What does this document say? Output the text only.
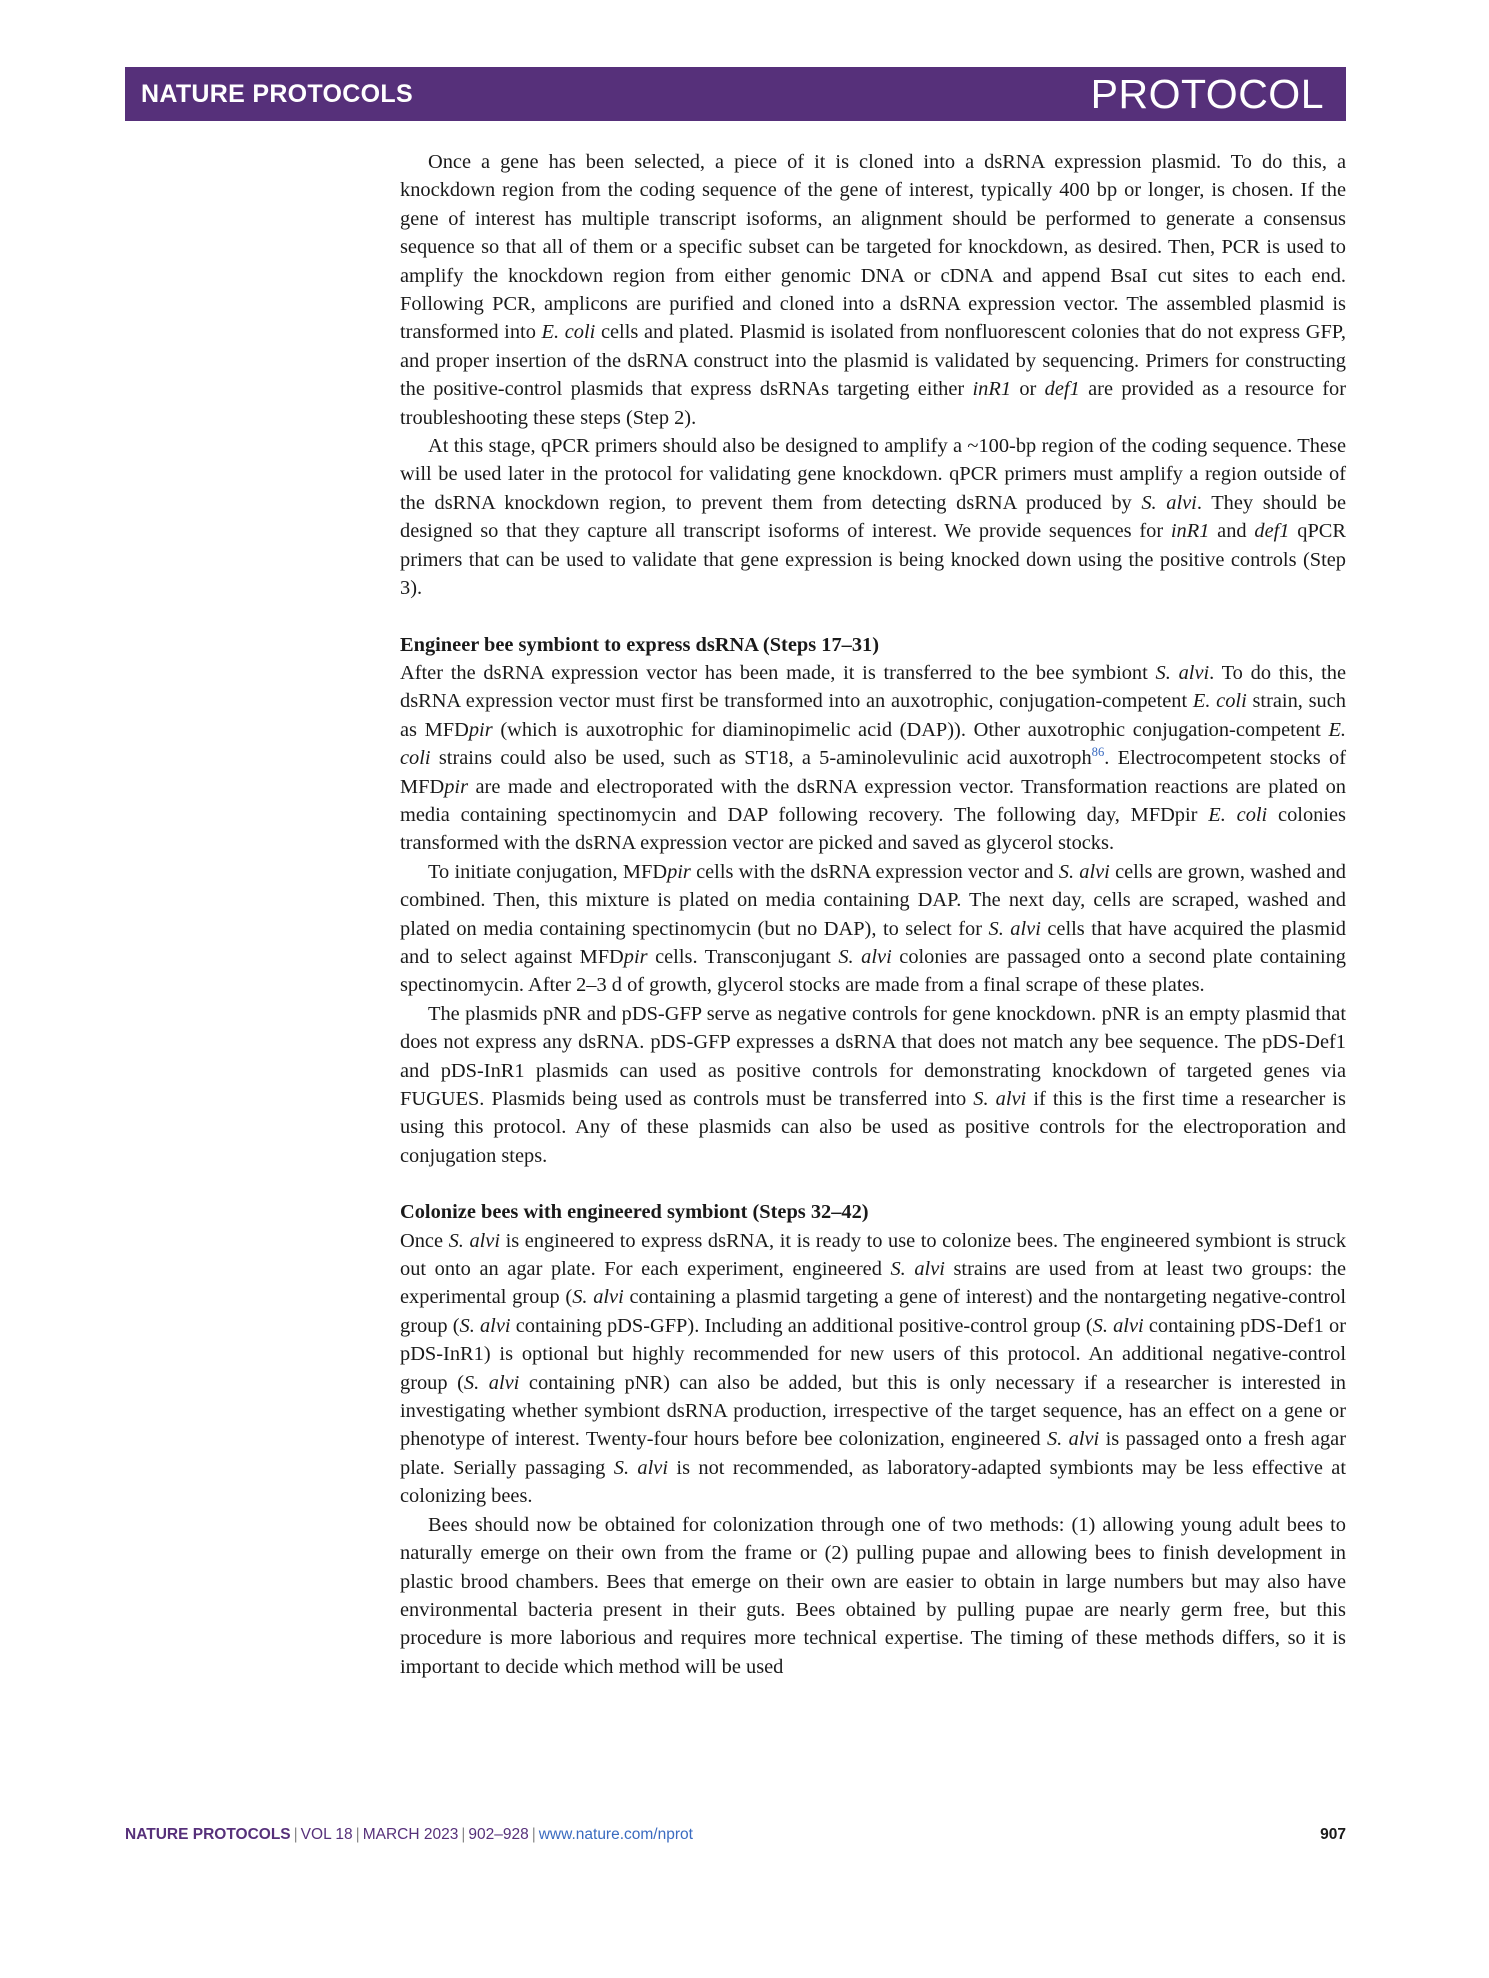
NATURE PROTOCOLS	PROTOCOL

Once a gene has been selected, a piece of it is cloned into a dsRNA expression plasmid. To do this, a knockdown region from the coding sequence of the gene of interest, typically 400 bp or longer, is chosen. If the gene of interest has multiple transcript isoforms, an alignment should be performed to generate a consensus sequence so that all of them or a specific subset can be targeted for knockdown, as desired. Then, PCR is used to amplify the knockdown region from either genomic DNA or cDNA and append BsaI cut sites to each end. Following PCR, amplicons are purified and cloned into a dsRNA expression vector. The assembled plasmid is transformed into E. coli cells and plated. Plasmid is isolated from nonfluorescent colonies that do not express GFP, and proper insertion of the dsRNA construct into the plasmid is validated by sequencing. Primers for constructing the positive-control plasmids that express dsRNAs targeting either inR1 or def1 are provided as a resource for troubleshooting these steps (Step 2).

At this stage, qPCR primers should also be designed to amplify a ~100-bp region of the coding sequence. These will be used later in the protocol for validating gene knockdown. qPCR primers must amplify a region outside of the dsRNA knockdown region, to prevent them from detecting dsRNA produced by S. alvi. They should be designed so that they capture all transcript isoforms of interest. We provide sequences for inR1 and def1 qPCR primers that can be used to validate that gene expression is being knocked down using the positive controls (Step 3).

Engineer bee symbiont to express dsRNA (Steps 17–31)

After the dsRNA expression vector has been made, it is transferred to the bee symbiont S. alvi. To do this, the dsRNA expression vector must first be transformed into an auxotrophic, conjugation-competent E. coli strain, such as MFDpir (which is auxotrophic for diaminopimelic acid (DAP)). Other auxotrophic conjugation-competent E. coli strains could also be used, such as ST18, a 5-aminolevulinic acid auxotroph$^{86}$. Electrocompetent stocks of MFDpir are made and electroporated with the dsRNA expression vector. Transformation reactions are plated on media containing spectinomycin and DAP following recovery. The following day, MFDpir E. coli colonies transformed with the dsRNA expression vector are picked and saved as glycerol stocks.

To initiate conjugation, MFDpir cells with the dsRNA expression vector and S. alvi cells are grown, washed and combined. Then, this mixture is plated on media containing DAP. The next day, cells are scraped, washed and plated on media containing spectinomycin (but no DAP), to select for S. alvi cells that have acquired the plasmid and to select against MFDpir cells. Transconjugant S. alvi colonies are passaged onto a second plate containing spectinomycin. After 2–3 d of growth, glycerol stocks are made from a final scrape of these plates.

The plasmids pNR and pDS-GFP serve as negative controls for gene knockdown. pNR is an empty plasmid that does not express any dsRNA. pDS-GFP expresses a dsRNA that does not match any bee sequence. The pDS-Def1 and pDS-InR1 plasmids can used as positive controls for demonstrating knockdown of targeted genes via FUGUES. Plasmids being used as controls must be transferred into S. alvi if this is the first time a researcher is using this protocol. Any of these plasmids can also be used as positive controls for the electroporation and conjugation steps.

Colonize bees with engineered symbiont (Steps 32–42)

Once S. alvi is engineered to express dsRNA, it is ready to use to colonize bees. The engineered symbiont is struck out onto an agar plate. For each experiment, engineered S. alvi strains are used from at least two groups: the experimental group (S. alvi containing a plasmid targeting a gene of interest) and the nontargeting negative-control group (S. alvi containing pDS-GFP). Including an additional positive-control group (S. alvi containing pDS-Def1 or pDS-InR1) is optional but highly recommended for new users of this protocol. An additional negative-control group (S. alvi containing pNR) can also be added, but this is only necessary if a researcher is interested in investigating whether symbiont dsRNA production, irrespective of the target sequence, has an effect on a gene or phenotype of interest. Twenty-four hours before bee colonization, engineered S. alvi is passaged onto a fresh agar plate. Serially passaging S. alvi is not recommended, as laboratory-adapted symbionts may be less effective at colonizing bees.

Bees should now be obtained for colonization through one of two methods: (1) allowing young adult bees to naturally emerge on their own from the frame or (2) pulling pupae and allowing bees to finish development in plastic brood chambers. Bees that emerge on their own are easier to obtain in large numbers but may also have environmental bacteria present in their guts. Bees obtained by pulling pupae are nearly germ free, but this procedure is more laborious and requires more technical expertise. The timing of these methods differs, so it is important to decide which method will be used

NATURE PROTOCOLS | VOL 18 | MARCH 2023 | 902–928 | www.nature.com/nprot	907
